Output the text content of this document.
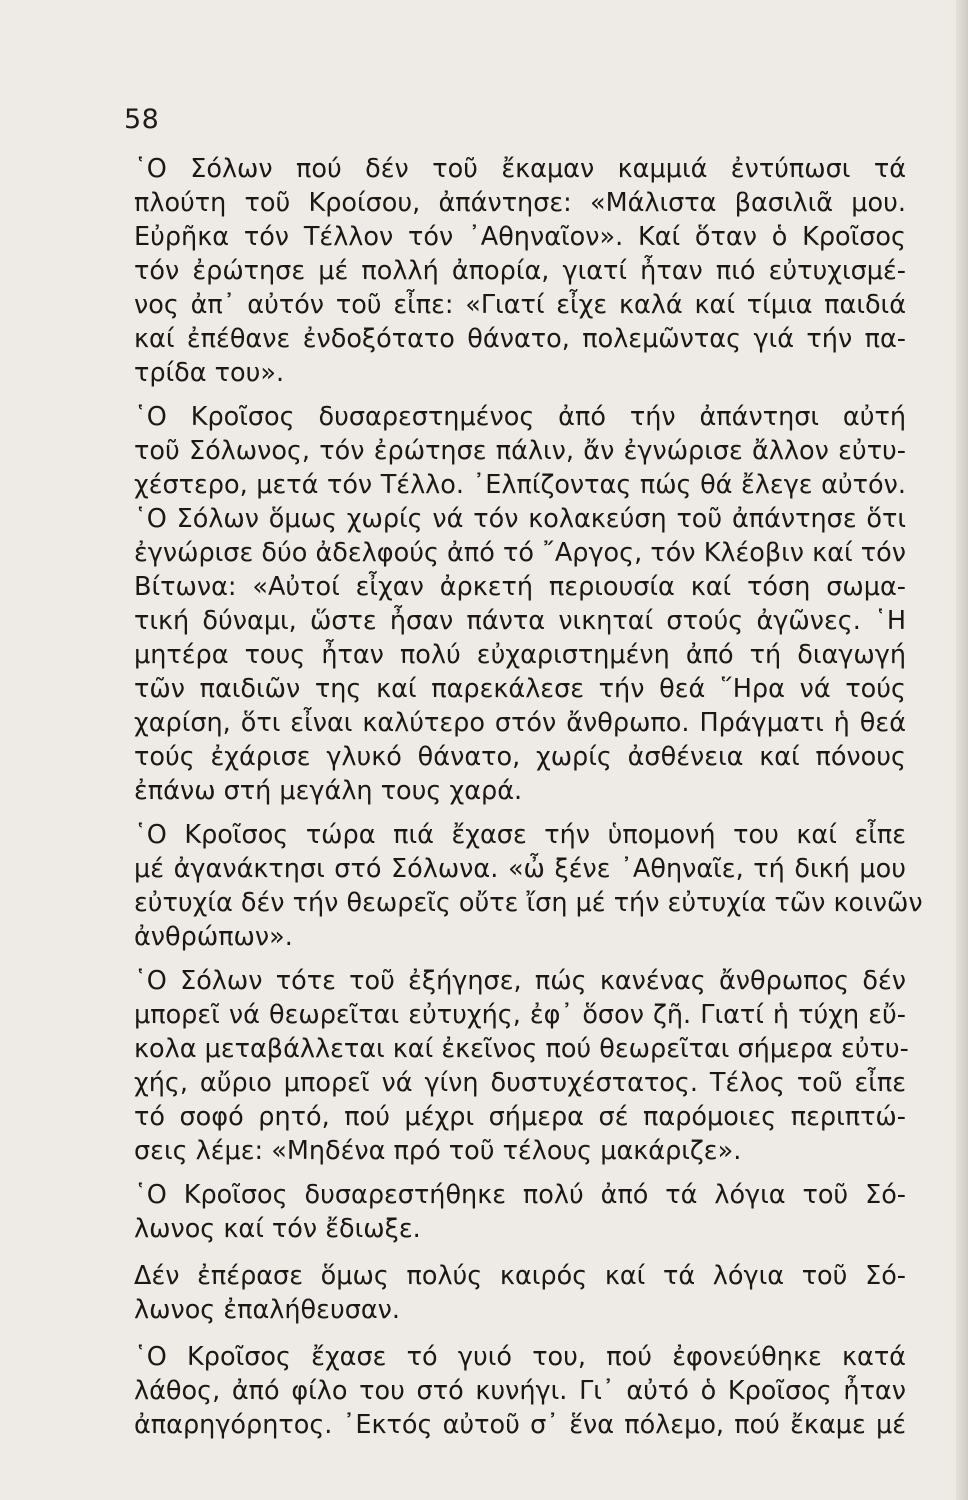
58
῾Ο Σόλων πού δέν τοῦ ἔκαμαν καμμιά ἐντύπωσι τά
πλούτη τοῦ Κροίσου, ἀπάντησε: «Μάλιστα βασιλιᾶ μου.
Εὐρῆκα τόν Τέλλον τόν ᾿Αθηναῖον». Καί ὅταν ὁ Κροῖσος
τόν ἐρώτησε μέ πολλή ἀπορία, γιατί ἦταν πιό εὐτυχισμέ-
νος ἀπ᾿ αὐτόν τοῦ εἶπε: «Γιατί εἶχε καλά καί τίμια παιδιά
καί ἐπέθανε ἐνδοξότατο θάνατο, πολεμῶντας γιά τήν πα-
τρίδα του».
῾Ο Κροῖσος δυσαρεστημένος ἀπό τήν ἀπάντησι αὐτή
τοῦ Σόλωνος, τόν ἐρώτησε πάλιν, ἄν ἐγνώρισε ἄλλον εὐτυ-
χέστερο, μετά τόν Τέλλο. ᾿Ελπίζοντας πώς θά ἔλεγε αὐτόν.
῾Ο Σόλων ὅμως χωρίς νά τόν κολακεύση τοῦ ἀπάντησε ὅτι
ἐγνώρισε δύο ἀδελφούς ἀπό τό ῎Αργος, τόν Κλέοβιν καί τόν
Βίτωνα: «Αὐτοί εἶχαν ἀρκετή περιουσία καί τόση σωμα-
τική δύναμι, ὥστε ἦσαν πάντα νικηταί στούς ἀγῶνες. ῾Η
μητέρα τους ἦταν πολύ εὐχαριστημένη ἀπό τή διαγωγή
τῶν παιδιῶν της καί παρεκάλεσε τήν θεά ῞Ηρα νά τούς
χαρίση, ὅτι εἶναι καλύτερο στόν ἄνθρωπο. Πράγματι ἡ θεά
τούς ἐχάρισε γλυκό θάνατο, χωρίς ἀσθένεια καί πόνους
ἐπάνω στή μεγάλη τους χαρά.
῾Ο Κροῖσος τώρα πιά ἔχασε τήν ὑπομονή του καί εἶπε
μέ ἀγανάκτησι στό Σόλωνα. «ὦ ξένε ᾿Αθηναῖε, τή δική μου
εὐτυχία δέν τήν θεωρεῖς οὔτε ἴση μέ τήν εὐτυχία τῶν κοινῶν
ἀνθρώπων».
῾Ο Σόλων τότε τοῦ ἐξήγησε, πώς κανένας ἄνθρωπος δέν
μπορεῖ νά θεωρεῖται εὐτυχής, ἐφ᾿ ὅσον ζῆ. Γιατί ἡ τύχη εὔ-
κολα μεταβάλλεται καί ἐκεῖνος πού θεωρεῖται σήμερα εὐτυ-
χής, αὔριο μπορεῖ νά γίνη δυστυχέστατος. Τέλος τοῦ εἶπε
τό σοφό ρητό, πού μέχρι σήμερα σέ παρόμοιες περιπτώ-
σεις λέμε: «Μηδένα πρό τοῦ τέλους μακάριζε».
῾Ο Κροῖσος δυσαρεστήθηκε πολύ ἀπό τά λόγια τοῦ Σό-
λωνος καί τόν ἔδιωξε.
Δέν ἐπέρασε ὅμως πολύς καιρός καί τά λόγια τοῦ Σό-
λωνος ἐπαλήθευσαν.
῾Ο Κροῖσος ἔχασε τό γυιό του, πού ἐφονεύθηκε κατά
λάθος, ἀπό φίλο του στό κυνήγι. Γι᾿ αὐτό ὁ Κροῖσος ἦταν
ἀπαρηγόρητος. ᾿Εκτός αὐτοῦ σ᾿ ἕνα πόλεμο, πού ἔκαμε μέ
